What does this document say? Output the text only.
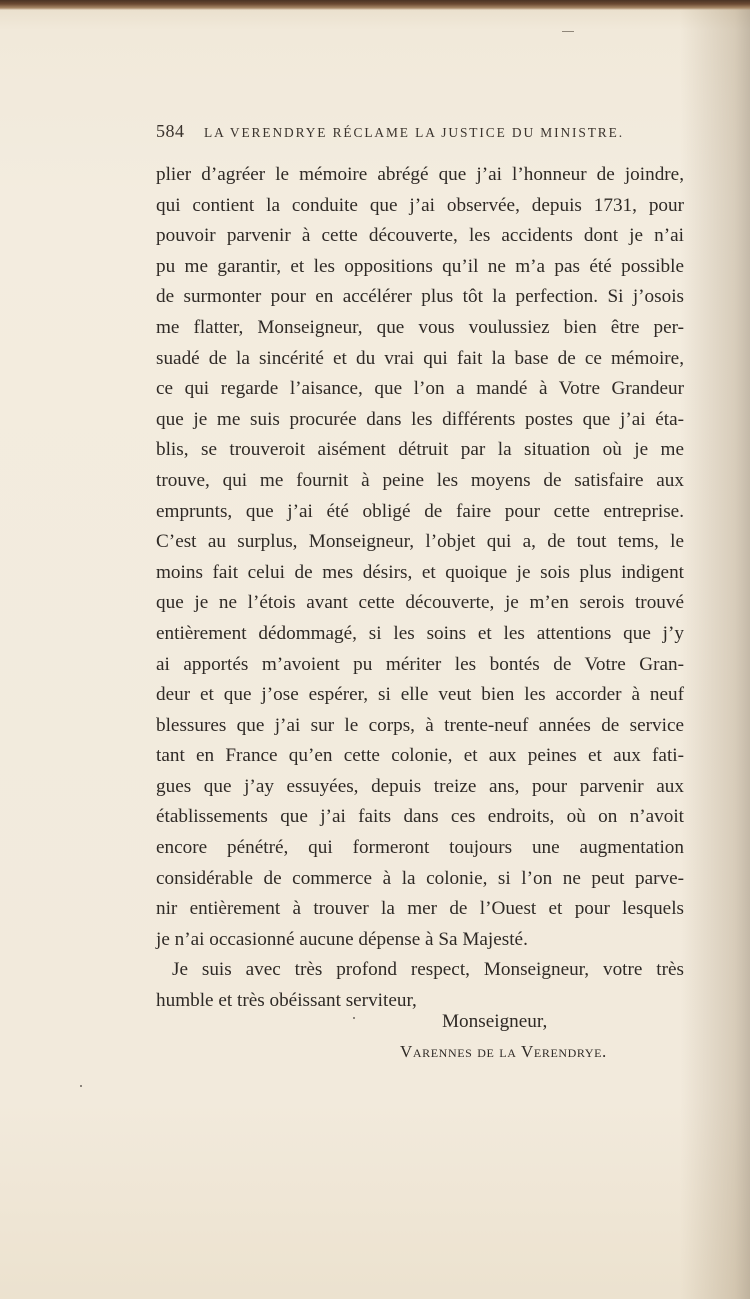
584 LA VERENDRYE RÉCLAME LA JUSTICE DU MINISTRE.
plier d’agréer le mémoire abrégé que j’ai l’honneur de joindre,
qui contient la conduite que j’ai observée, depuis 1731, pour
pouvoir parvenir à cette découverte, les accidents dont je n’ai
pu me garantir, et les oppositions qu’il ne m’a pas été possible
de surmonter pour en accélérer plus tôt la perfection. Si j’osois
me flatter, Monseigneur, que vous voulussiez bien être per-
suadé de la sincérité et du vrai qui fait la base de ce mémoire,
ce qui regarde l’aisance, que l’on a mandé à Votre Grandeur
que je me suis procurée dans les différents postes que j’ai éta-
blis, se trouveroit aisément détruit par la situation où je me
trouve, qui me fournit à peine les moyens de satisfaire aux
emprunts, que j’ai été obligé de faire pour cette entreprise.
C’est au surplus, Monseigneur, l’objet qui a, de tout tems, le
moins fait celui de mes désirs, et quoique je sois plus indigent
que je ne l’étois avant cette découverte, je m’en serois trouvé
entièrement dédommagé, si les soins et les attentions que j’y
ai apportés m’avoient pu mériter les bontés de Votre Gran-
deur et que j’ose espérer, si elle veut bien les accorder à neuf
blessures que j’ai sur le corps, à trente-neuf années de service
tant en France qu’en cette colonie, et aux peines et aux fati-
gues que j’ay essuyées, depuis treize ans, pour parvenir aux
établissements que j’ai faits dans ces endroits, où on n’avoit
encore pénétré, qui formeront toujours une augmentation
considérable de commerce à la colonie, si l’on ne peut parve-
nir entièrement à trouver la mer de l’Ouest et pour lesquels
je n’ai occasionné aucune dépense à Sa Majesté.
Je suis avec très profond respect, Monseigneur, votre très
humble et très obéissant serviteur,
Monseigneur,
Varennes de la Verendrye.
